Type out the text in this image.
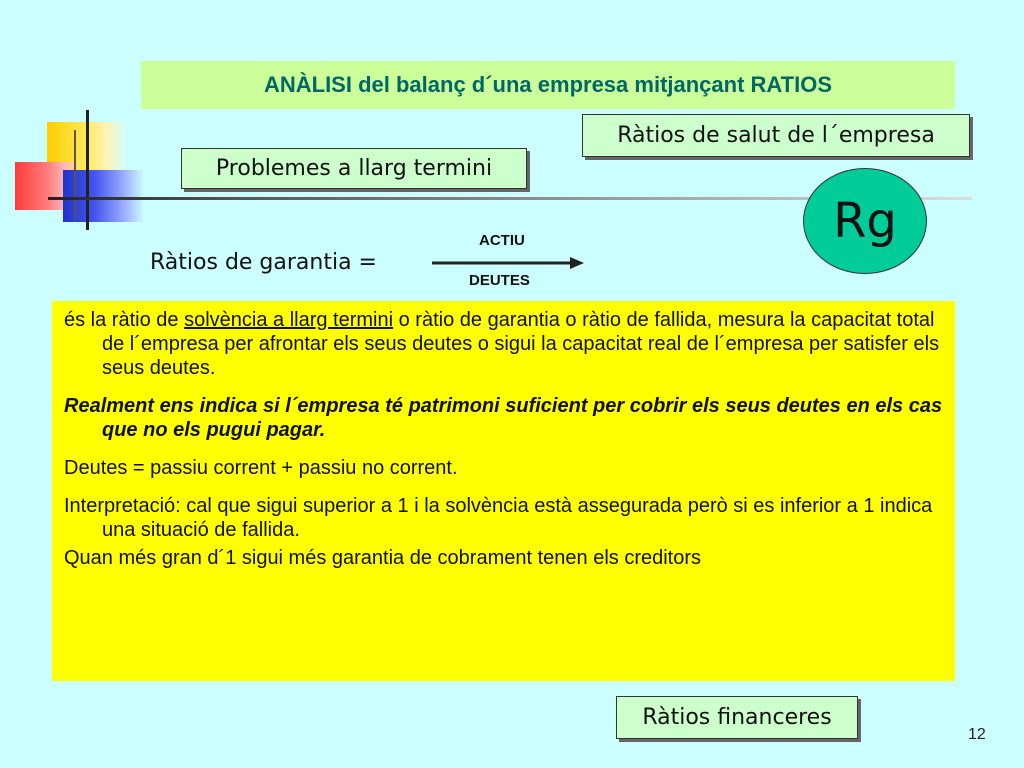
ANÀLISI del balanç d´una empresa mitjançant RATIOS
Ràtios de salut de l´empresa
Problemes a llarg termini
Rg
Ràtios de garantia =
ACTIU
DEUTES

és la ràtio de solvència a llarg termini o ràtio de garantia o ràtio de fallida, mesura la capacitat total de l´empresa per afrontar els seus deutes o sigui la capacitat real de l´empresa per satisfer els seus deutes.

Realment ens indica si l´empresa té patrimoni suficient per cobrir els seus deutes en els cas que no els pugui pagar.

Deutes = passiu corrent + passiu no corrent.

Interpretació: cal que sigui superior a 1 i la solvència està assegurada però si es inferior a 1 indica una situació de fallida.

Quan més gran d´1 sigui més garantia de cobrament tenen els creditors

Ràtios financeres
12
